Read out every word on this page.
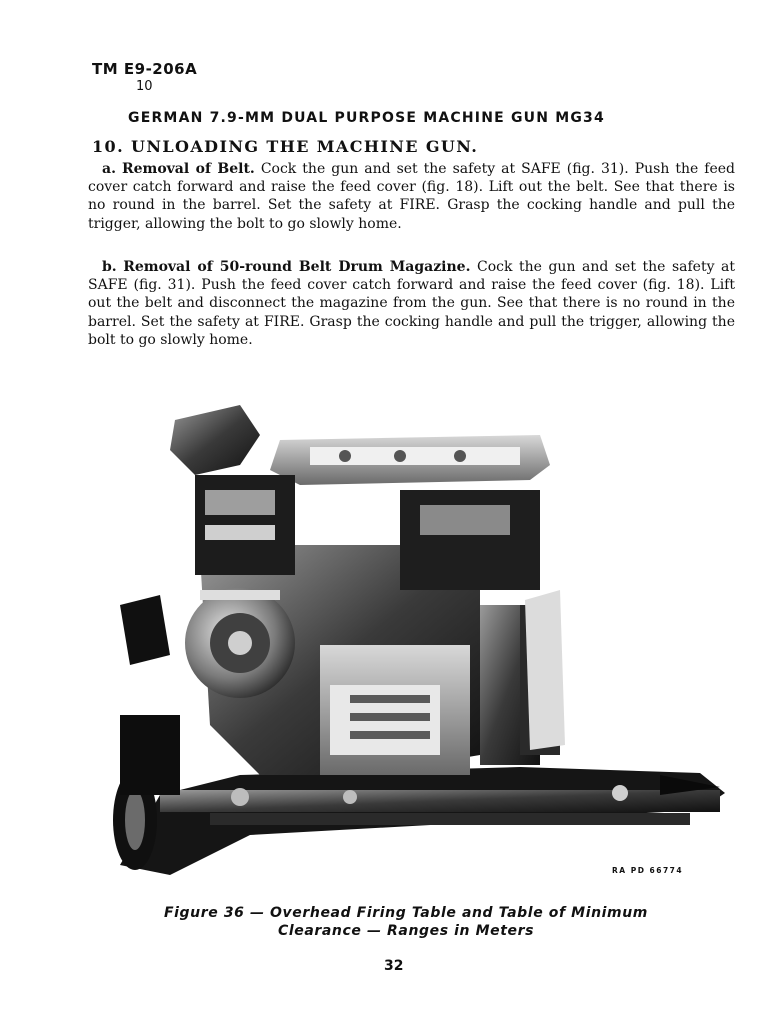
TM E9-206A
10
GERMAN 7.9-MM DUAL PURPOSE MACHINE GUN MG34
10. UNLOADING THE MACHINE GUN.

a. Removal of Belt. Cock the gun and set the safety at SAFE (fig. 31). Push the feed cover catch forward and raise the feed cover (fig. 18). Lift out the belt. See that there is no round in the barrel. Set the safety at FIRE. Grasp the cocking handle and pull the trigger, allowing the bolt to go slowly home.

b. Removal of 50-round Belt Drum Magazine. Cock the gun and set the safety at SAFE (fig. 31). Push the feed cover catch forward and raise the feed cover (fig. 18). Lift out the belt and disconnect the magazine from the gun. See that there is no round in the barrel. Set the safety at FIRE. Grasp the cocking handle and pull the trigger, allowing the bolt to go slowly home.

RA PD 66774
Figure 36 — Overhead Firing Table and Table of Minimum
Clearance — Ranges in Meters
32
